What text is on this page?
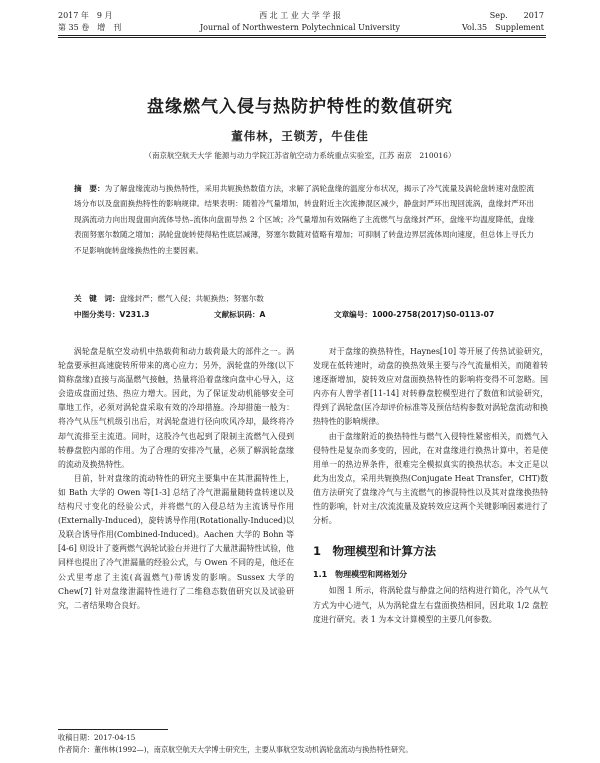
2017 年　9 月
第 35 卷　增　刊
西 北 工 业 大 学 学 报
Journal of Northwestern Polytechnical University
Sep.　　2017
Vol.35　Supplement
盘缘燃气入侵与热防护特性的数值研究
董伟林，王锁芳，牛佳佳
（南京航空航天大学 能源与动力学院江苏省航空动力系统重点实验室，江苏 南京　210016）
摘　要：为了解盘缘流动与换热特性，采用共轭换热数值方法，求解了涡轮盘缘的温度分布状况，揭示了冷气流量及涡轮盘转速对盘腔流场分布以及盘面换热特性的影响规律。结果表明：随着冷气量增加，转盘附近主次流掺混区减少，静盘封严环出现回流涡，盘缘封严环出现涡流动力向出现盘面向流体导热–流体向盘面导热 2 个区域；冷气量增加有效隔绝了主流燃气与盘缘封严环，盘缘平均温度降低，盘缘表面努塞尔数随之增加；涡轮盘旋转使得粘性底层减薄，努塞尔数随对值略有增加；可抑制了转盘边界层流体周向速度，但总体上寻氏力不足影响旋转盘缘换热性的主要因素。
关　键　词：盘缘封严；燃气入侵；共轭换热；努塞尔数
中图分类号：V231.3	文献标识码：A	文章编号：1000-2758(2017)S0-0113-07

涡轮盘是航空发动机中热载荷和动力载荷最大的部件之一。涡轮盘要承担高速旋转所带来的离心应力；另外，涡轮盘的外缘(以下简称盘缘)直接与高温燃气接触，热量将沿着盘缘向盘中心导入，这会造成盘面过热、热应力增大。因此，为了保证发动机能够安全可靠地工作，必须对涡轮盘采取有效的冷却措施。冷却措施一般为：将冷气从压气机级引出后，对涡轮盘进行径向吹风冷却，最终将冷却气流排至主流道。同时，这股冷气也起到了限制主流燃气入侵到转静盘腔内部的作用。为了合理的安排冷气量，必须了解涡轮盘缘的流动及换热特性。

目前，针对盘缘的流动特性的研究主要集中在其泄漏特性上，如 Bath 大学的 Owen 等[1-3] 总结了冷气泄漏量随转盘转速以及结构尺寸变化的经验公式，并将燃气的入侵总结为主流诱导作用(Externally-Induced)，旋转诱导作用(Rotationally-Induced)以及联合诱导作用(Combined-Induced)。Aachen 大学的 Bohn 等[4-6] 则设计了菱两燃气涡轮试验台并进行了大量泄漏特性试验，他同样也提出了冷气泄漏量的经验公式，与 Owen 不同的是，他还在公式里考虑了主流(高温燃气)带诱发的影响。Sussex 大学的 Chew[7] 针对盘缘泄漏特性进行了二维稳态数值研究以及试验研究，二者结果吻合良好。

对于盘缘的换热特性，Haynes[10] 等开展了传热试验研究，发现在低转速时，动盘的换热效果主要与冷气流量相关，而随着转速逐渐增加，旋转效应对盘面换热特性的影响将变得不可忽略。国内亦有人曾学者[11-14] 对转静盘腔模型进行了数值和试验研究，得到了涡轮盘(匡冷却评价标准等及预估结构参数对涡轮盘流动和换热特性的影响规律。

由于盘缘附近的换热特性与燃气入侵特性紧密相关，而燃气入侵特性是复杂而多变的，因此，在对盘缘进行换热计算中，若是使用单一的热边界条件，很难完全模拟真实的换热状态。本文正是以此为出发点，采用共轭换热(Conjugate Heat Transfer，CHT)数值方法研究了盘缘冷气与主流燃气的掺混特性以及其对盘缘换热特性的影响，针对主/次流流量及旋转效应这两个关键影响因素进行了分析。

1　物理模型和计算方法
1.1　物理模型和网格划分

如图 1 所示，将涡轮盘与静盘之间的结构进行简化，冷气从气方式为中心进气，从为涡轮盘左右盘面换热相同，因此取 1/2 盘腔度进行研究。表 1 为本文计算模型的主要几何参数。

收稿日期：2017-04-15
作者简介：董伟林(1992—)，南京航空航天大学博士研究生，主要从事航空发动机涡轮盘流动与换热特性研究。
